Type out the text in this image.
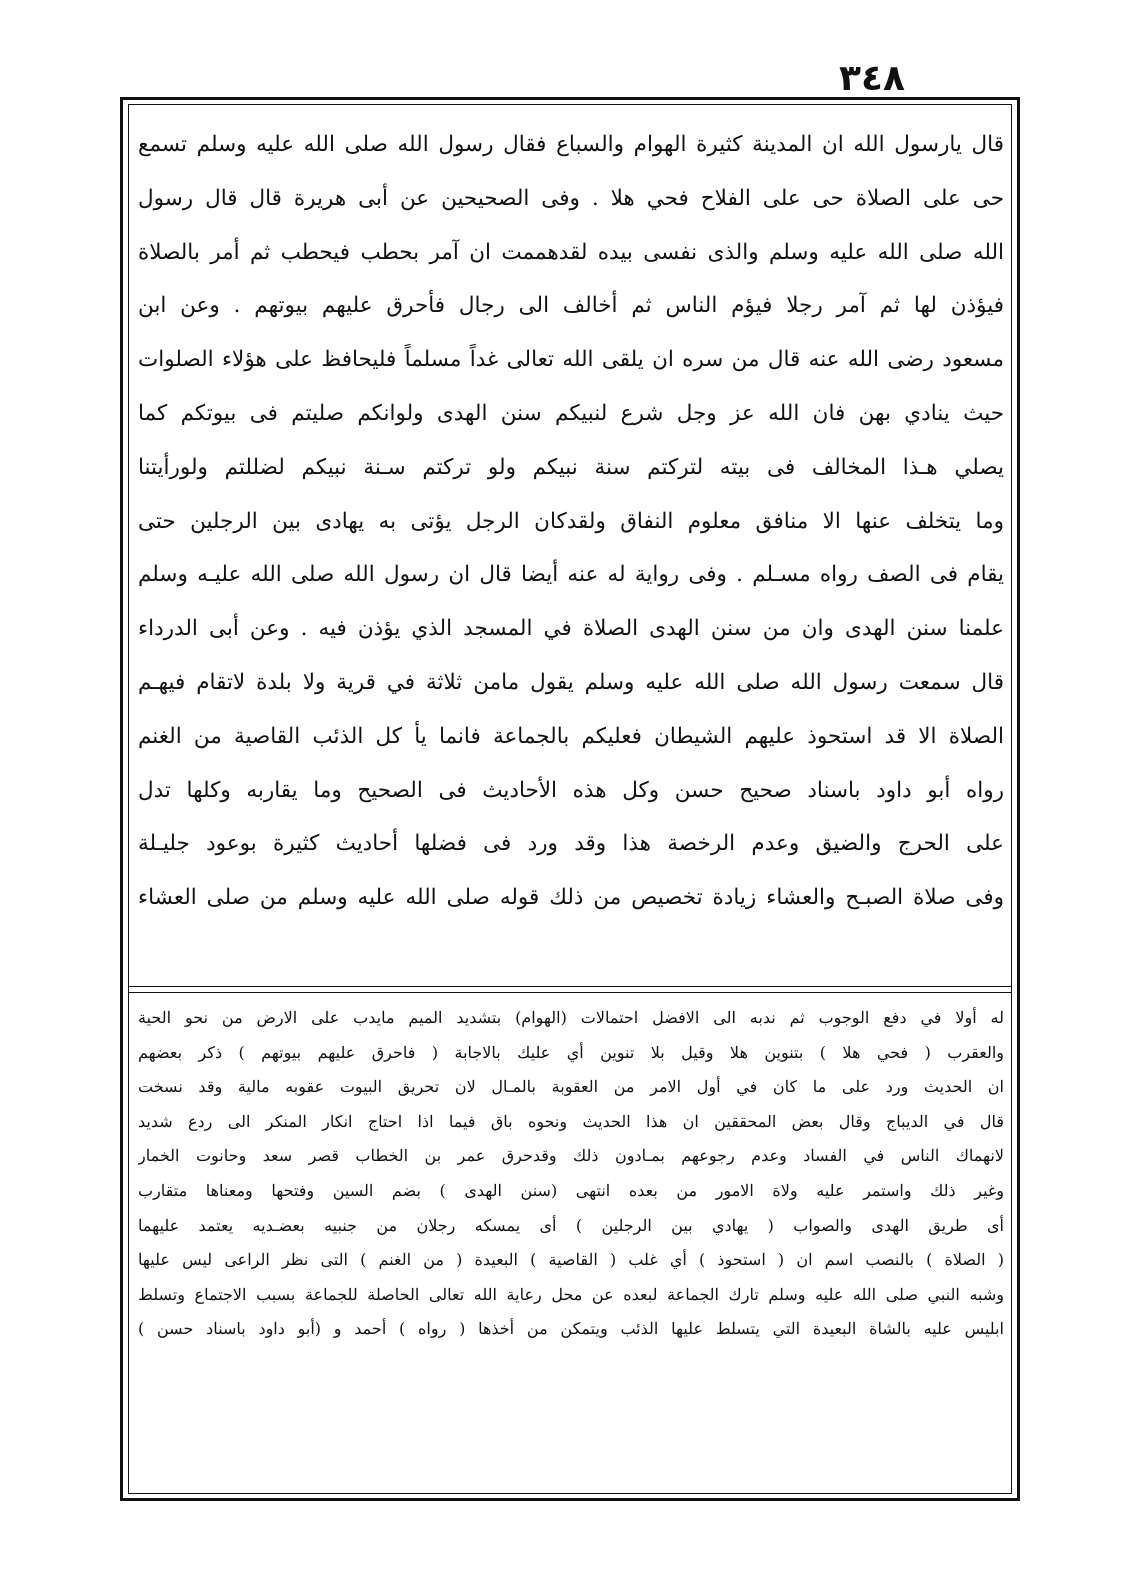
٣٤٨

قال يارسول الله ان المدينة كثيرة الهوام والسباع فقال رسول الله صلى الله عليه وسلم تسمع

حى على الصلاة حى على الفلاح فحي هلا . وفى الصحيحين عن أبى هريرة قال قال رسول

الله صلى الله عليه وسلم والذى نفسى بيده لقدهممت ان آمر بحطب فيحطب ثم أمر بالصلاة

فيؤذن لها ثم آمر رجلا فيؤم الناس ثم أخالف الى رجال فأحرق عليهم بيوتهم . وعن ابن

مسعود رضى الله عنه قال من سره ان يلقى الله تعالى غداً مسلماً فليحافظ على هؤلاء الصلوات

حيث ينادي بهن فان الله عز وجل شرع لنبيكم سنن الهدى ولوانكم صليتم فى بيوتكم كما

يصلي هـذا المخالف فى بيته لتركتم سنة نبيكم ولو تركتم سـنة نبيكم لضللتم ولورأيتنا

وما يتخلف عنها الا منافق معلوم النفاق ولقدكان الرجل يؤتى به يهادى بين الرجلين حتى

يقام فى الصف رواه مسـلم . وفى رواية له عنه أيضا قال ان رسول الله صلى الله عليـه وسلم

علمنا سنن الهدى وان من سنن الهدى الصلاة في المسجد الذي يؤذن فيه . وعن أبى الدرداء

قال سمعت رسول الله صلى الله عليه وسلم يقول مامن ثلاثة في قرية ولا بلدة لاتقام فيهـم

الصلاة الا قد استحوذ عليهم الشيطان فعليكم بالجماعة فانما يأ كل الذئب القاصية من الغنم

رواه أبو داود باسناد صحيح حسن وكل هذه الأحاديث فى الصحيح وما يقاربه وكلها تدل

على الحرج والضيق وعدم الرخصة هذا وقد ورد فى فضلها أحاديث كثيرة بوعود جليـلة

وفى صلاة الصبـح والعشاء زيادة تخصيص من ذلك قوله صلى الله عليه وسلم من صلى العشاء

له أولا في دفع الوجوب ثم ندبه الى الافضل احتمالات (الهوام) بتشديد الميم مايدب على الارض من نحو الحية

والعقرب ( فحي هلا ) بتنوين هلا وقيل بلا تنوين أي عليك بالاجابة ( فاحرق عليهم بيوتهم ) ذكر بعضهم

ان الحديث ورد على ما كان في أول الامر من العقوبة بالمـال لان تحريق البيوت عقوبه مالية وقد نسخت

قال في الديباج وقال بعض المحققين ان هذا الحديث ونحوه باق فيما اذا احتاج انكار المنكر الى ردع شديد

لانهماك الناس في الفساد وعدم رجوعهم بمـادون ذلك وقدحرق عمر بن الخطاب قصر سعد وحانوت الخمار

وغير ذلك واستمر عليه ولاة الامور من بعده انتهى (سنن الهدى ) بضم السين وفتحها ومعناها متقارب

أى طريق الهدى والصواب ( يهادي بين الرجلين ) أى يمسكه رجلان من جنبيه بعضـديه يعتمد عليهما

( الصلاة ) بالنصب اسم ان ( استحوذ ) أي غلب ( القاصية ) البعيدة ( من الغنم ) التى نظر الراعى ليس عليها

وشبه النبي صلى الله عليه وسلم تارك الجماعة لبعده عن محل رعاية الله تعالى الحاصلة للجماعة بسبب الاجتماع وتسلط

ابليس عليه بالشاة البعيدة التي يتسلط عليها الذئب ويتمكن من أخذها ( رواه ) أحمد و (أبو داود باسناد حسن )
